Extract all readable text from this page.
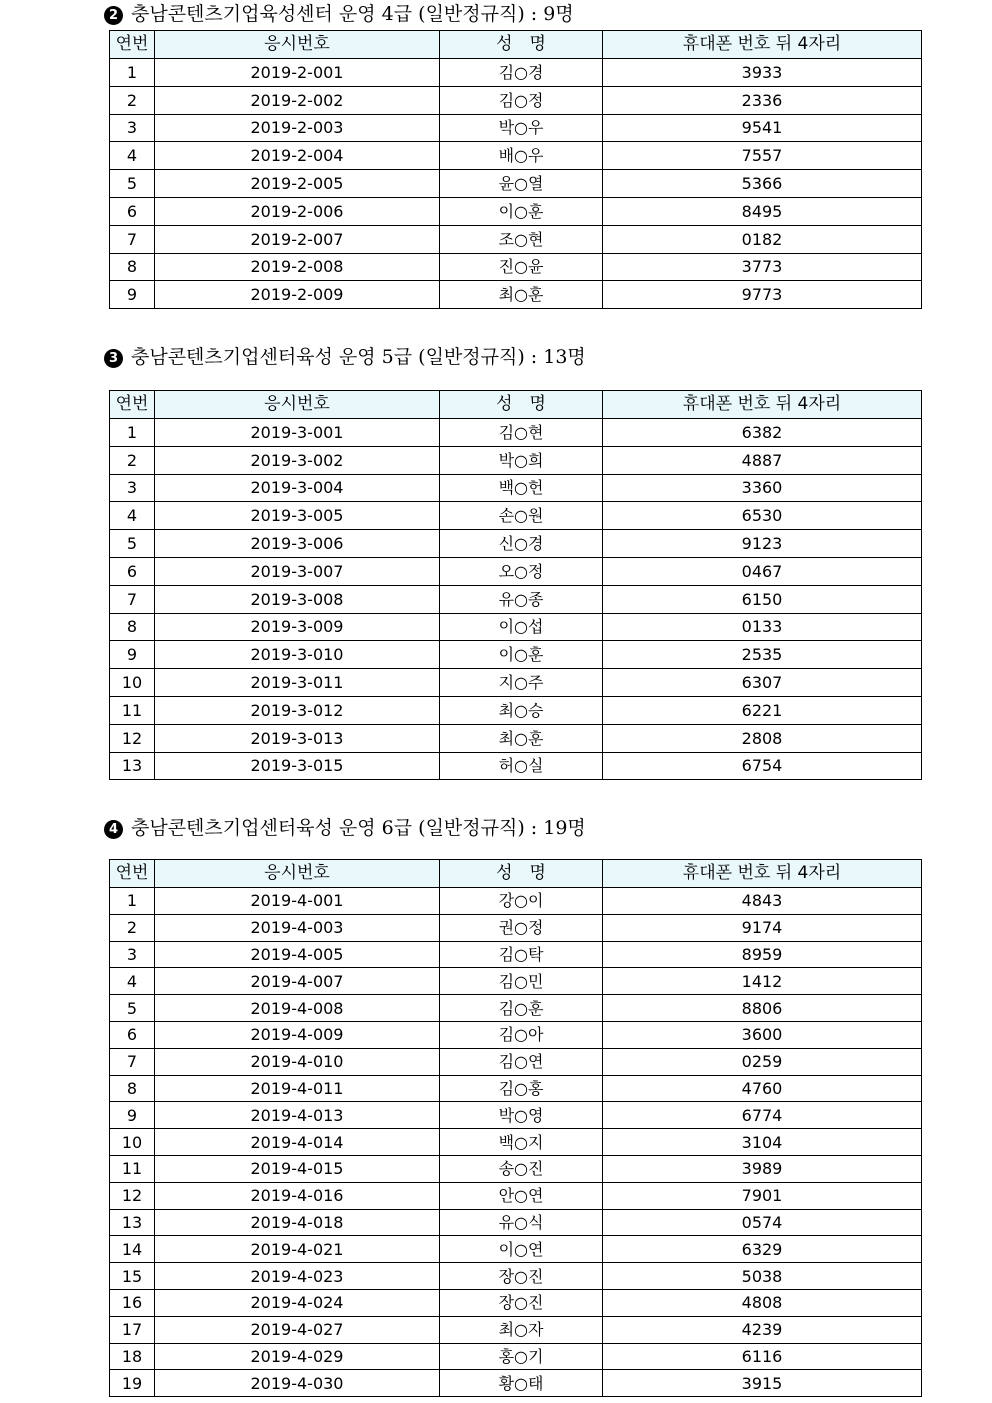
2 충남콘텐츠기업육성센터 운영 4급 (일반정규직) : 9명
연번	응시번호	성　명	휴대폰 번호 뒤 4자리
1	2019-2-001	김○경	3933
2	2019-2-002	김○정	2336
3	2019-2-003	박○우	9541
4	2019-2-004	배○우	7557
5	2019-2-005	윤○열	5366
6	2019-2-006	이○훈	8495
7	2019-2-007	조○현	0182
8	2019-2-008	진○윤	3773
9	2019-2-009	최○훈	9773
3 충남콘텐츠기업센터육성 운영 5급 (일반정규직) : 13명
연번	응시번호	성　명	휴대폰 번호 뒤 4자리
1	2019-3-001	김○현	6382
2	2019-3-002	박○희	4887
3	2019-3-004	백○헌	3360
4	2019-3-005	손○원	6530
5	2019-3-006	신○경	9123
6	2019-3-007	오○정	0467
7	2019-3-008	유○종	6150
8	2019-3-009	이○섭	0133
9	2019-3-010	이○훈	2535
10	2019-3-011	지○주	6307
11	2019-3-012	최○승	6221
12	2019-3-013	최○훈	2808
13	2019-3-015	허○실	6754
4 충남콘텐츠기업센터육성 운영 6급 (일반정규직) : 19명
연번	응시번호	성　명	휴대폰 번호 뒤 4자리
1	2019-4-001	강○이	4843
2	2019-4-003	권○정	9174
3	2019-4-005	김○탁	8959
4	2019-4-007	김○민	1412
5	2019-4-008	김○훈	8806
6	2019-4-009	김○아	3600
7	2019-4-010	김○연	0259
8	2019-4-011	김○홍	4760
9	2019-4-013	박○영	6774
10	2019-4-014	백○지	3104
11	2019-4-015	송○진	3989
12	2019-4-016	안○연	7901
13	2019-4-018	유○식	0574
14	2019-4-021	이○연	6329
15	2019-4-023	장○진	5038
16	2019-4-024	장○진	4808
17	2019-4-027	최○자	4239
18	2019-4-029	홍○기	6116
19	2019-4-030	황○태	3915
